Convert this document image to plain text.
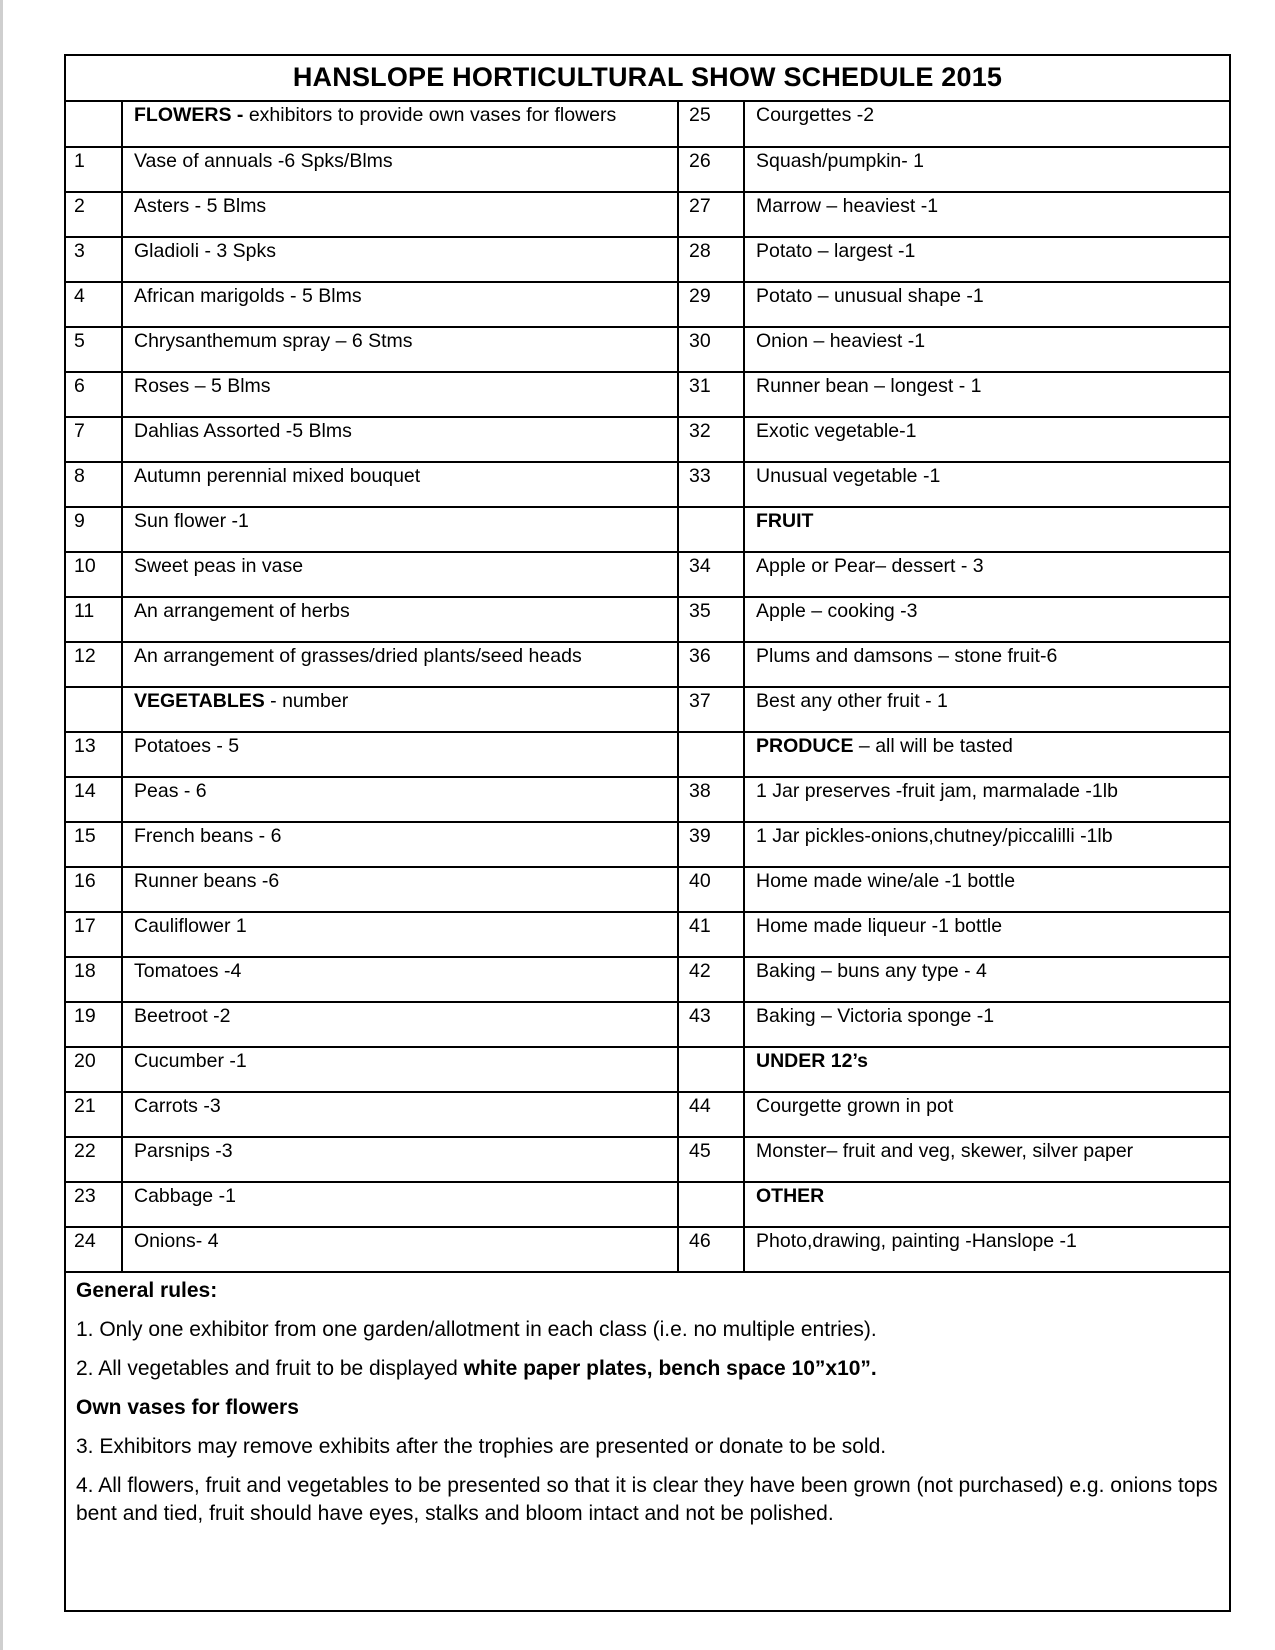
HANSLOPE HORTICULTURAL SHOW SCHEDULE 2015
	FLOWERS - exhibitors to provide own vases for flowers	25	Courgettes -2
1	Vase of annuals -6 Spks/Blms	26	Squash/pumpkin- 1
2	Asters - 5 Blms	27	Marrow – heaviest -1
3	Gladioli - 3 Spks	28	Potato – largest -1
4	African marigolds - 5 Blms	29	Potato – unusual shape -1
5	Chrysanthemum spray – 6 Stms	30	Onion – heaviest -1
6	Roses – 5 Blms	31	Runner bean – longest - 1
7	Dahlias Assorted -5 Blms	32	Exotic vegetable-1
8	Autumn perennial mixed bouquet	33	Unusual vegetable -1
9	Sun flower -1		FRUIT
10	Sweet peas in vase	34	Apple or Pear– dessert - 3
11	An arrangement of herbs	35	Apple – cooking -3
12	An arrangement of grasses/dried plants/seed heads	36	Plums and damsons – stone fruit-6
	VEGETABLES - number	37	Best any other fruit - 1
13	Potatoes - 5		PRODUCE – all will be tasted
14	Peas - 6	38	1 Jar preserves -fruit jam, marmalade -1lb
15	French beans - 6	39	1 Jar pickles-onions,chutney/piccalilli -1lb
16	Runner beans -6	40	Home made wine/ale -1 bottle
17	Cauliflower 1	41	Home made liqueur -1 bottle
18	Tomatoes -4	42	Baking – buns any type - 4
19	Beetroot -2	43	Baking – Victoria sponge -1
20	Cucumber -1		UNDER 12’s
21	Carrots -3	44	Courgette grown in pot
22	Parsnips -3	45	Monster– fruit and veg, skewer, silver paper
23	Cabbage -1		OTHER
24	Onions- 4	46	Photo,drawing, painting -Hanslope -1

General rules:

1. Only one exhibitor from one garden/allotment in each class (i.e. no multiple entries).

2. All vegetables and fruit to be displayed white paper plates, bench space 10”x10”.

Own vases for flowers

3. Exhibitors may remove exhibits after the trophies are presented or donate to be sold.

4. All flowers, fruit and vegetables to be presented so that it is clear they have been grown (not purchased) e.g. onions tops bent and tied, fruit should have eyes, stalks and bloom intact and not be polished.
